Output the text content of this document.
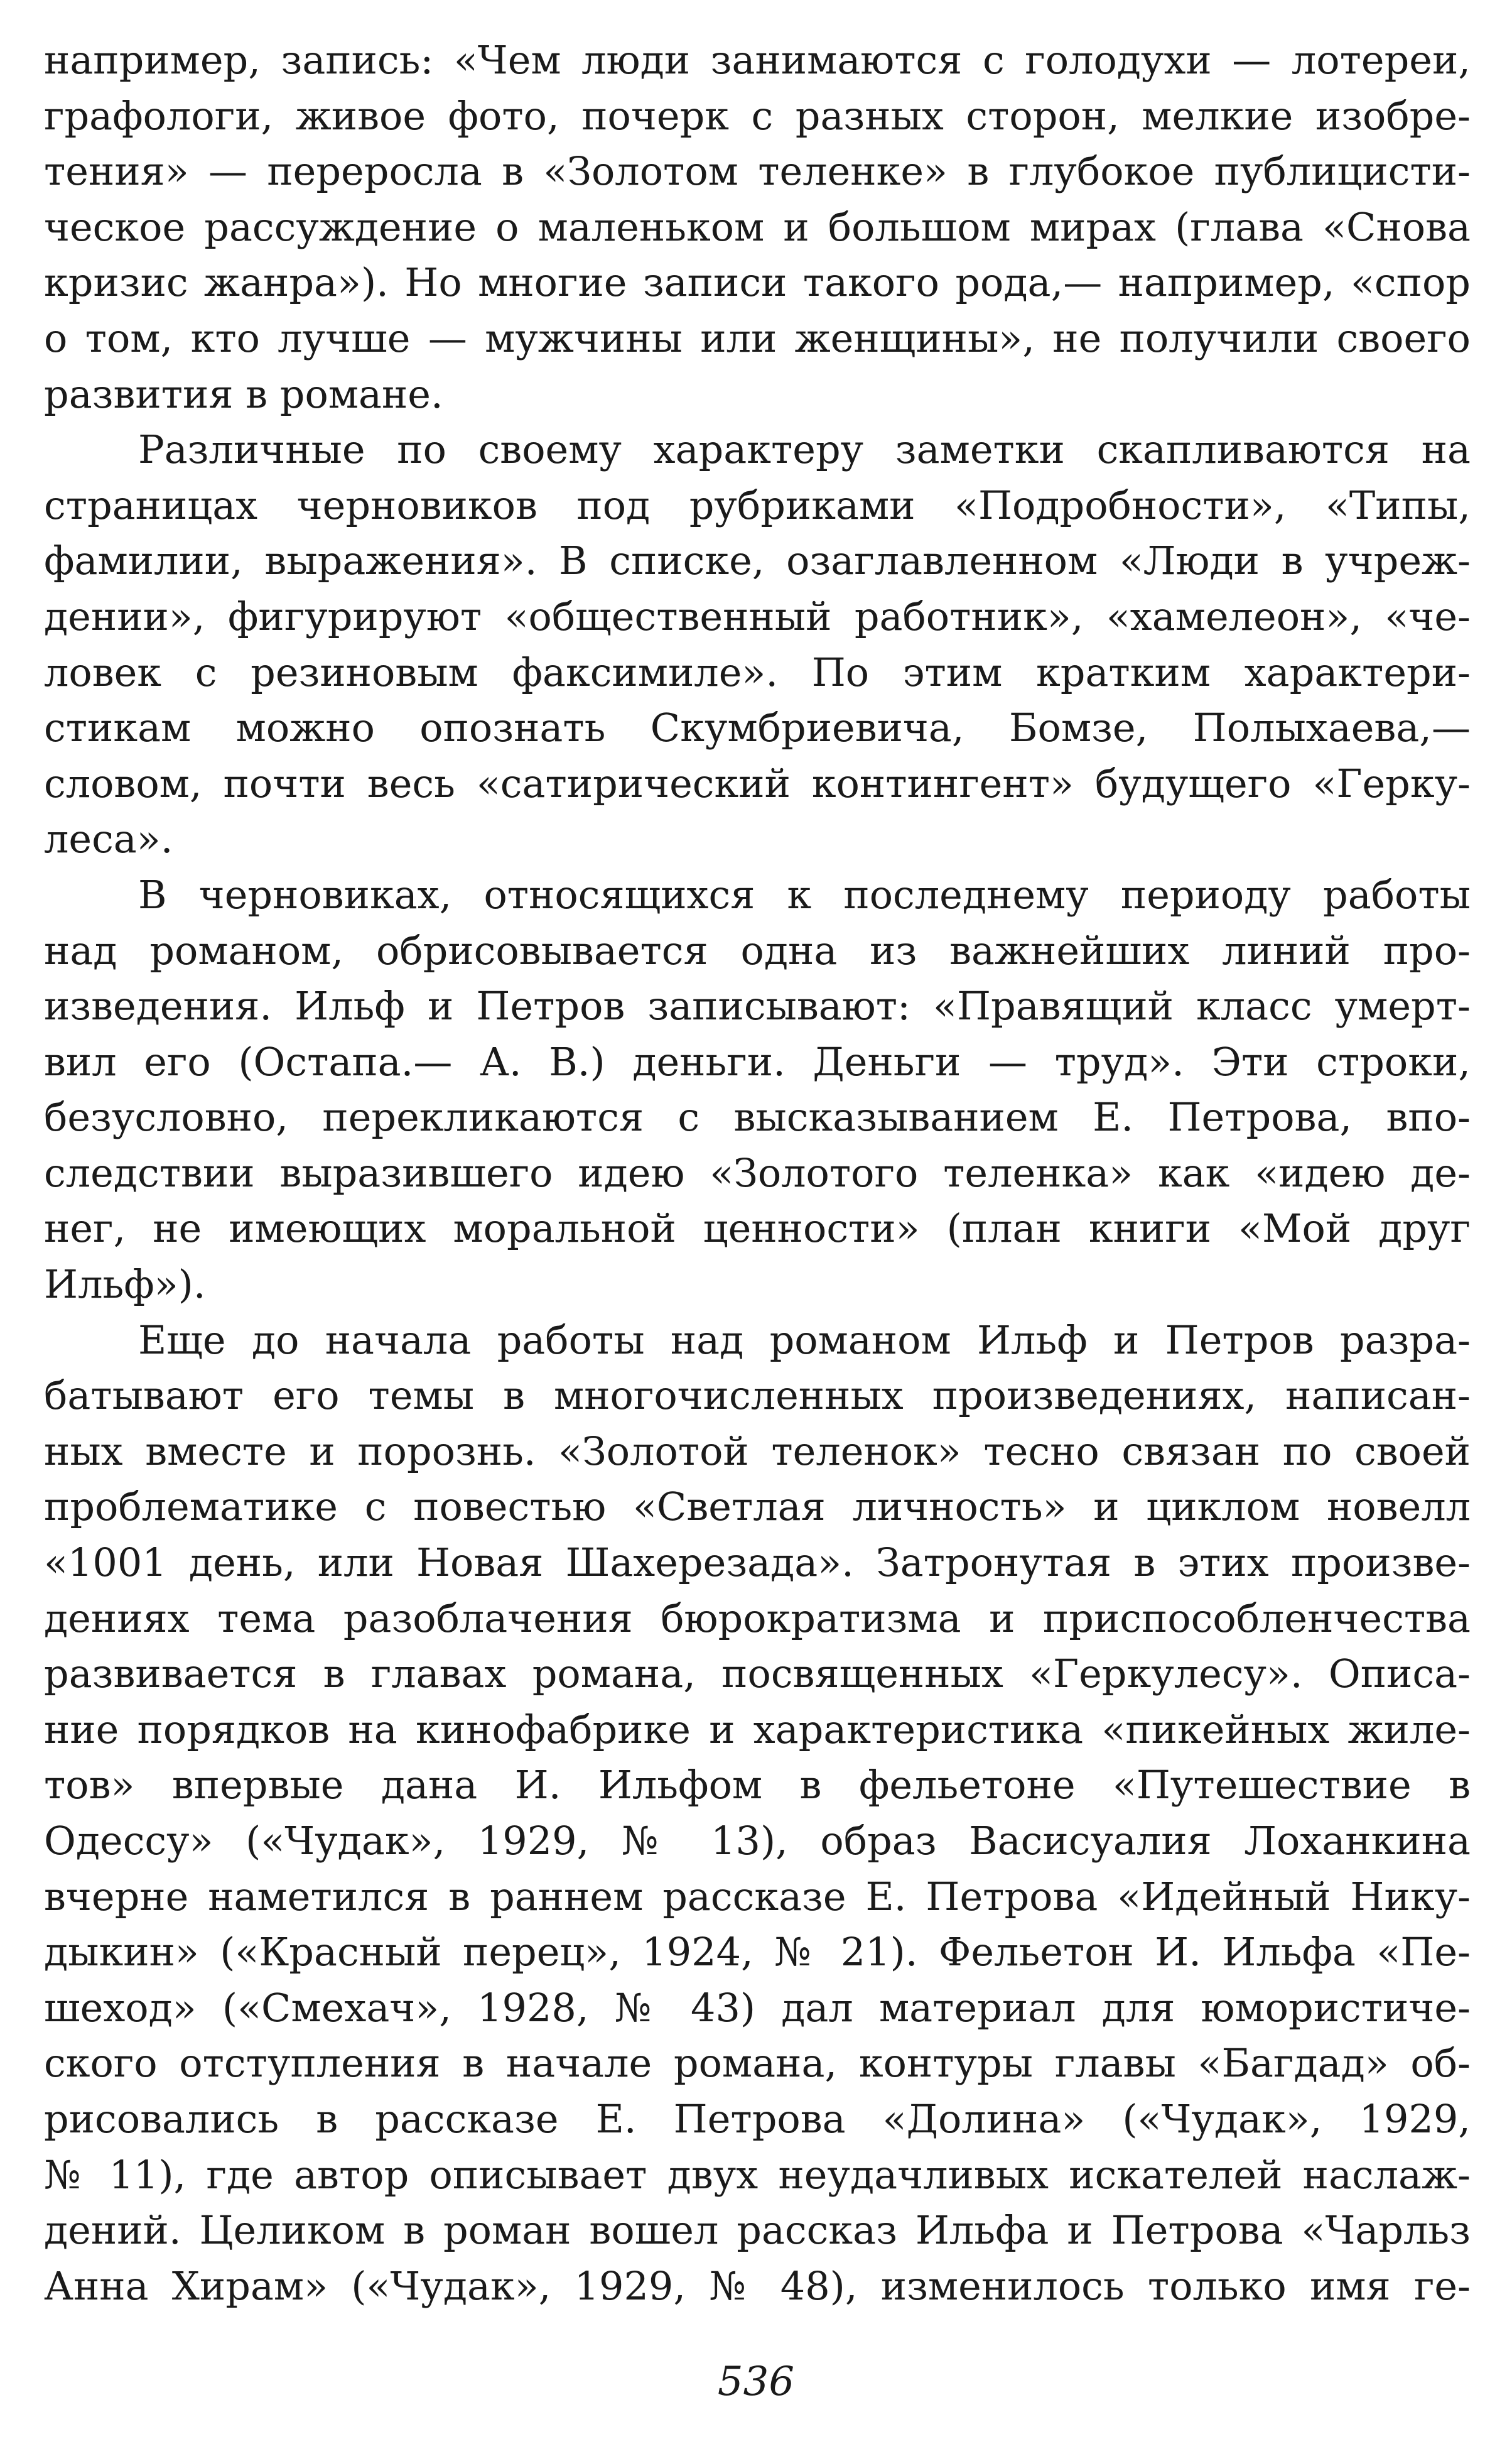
например, запись: «Чем люди занимаются с голодухи — лотереи,
графологи, живое фото, почерк с разных сторон, мелкие изобре-
тения» — переросла в «Золотом теленке» в глубокое публицисти-
ческое рассуждение о маленьком и большом мирах (глава «Снова
кризис жанра»). Но многие записи такого рода,— например, «спор
о том, кто лучше — мужчины или женщины», не получили своего
развития в романе.
Различные по своему характеру заметки скапливаются на
страницах черновиков под рубриками «Подробности», «Типы,
фамилии, выражения». В списке, озаглавленном «Люди в учреж-
дении», фигурируют «общественный работник», «хамелеон», «че-
ловек с резиновым факсимиле». По этим кратким характери-
стикам можно опознать Скумбриевича, Бомзе, Полыхаева,—
словом, почти весь «сатирический контингент» будущего «Герку-
леса».
В черновиках, относящихся к последнему периоду работы
над романом, обрисовывается одна из важнейших линий про-
изведения. Ильф и Петров записывают: «Правящий класс умерт-
вил его (Остапа.— А. В.) деньги. Деньги — труд». Эти строки,
безусловно, перекликаются с высказыванием Е. Петрова, впо-
следствии выразившего идею «Золотого теленка» как «идею де-
нег, не имеющих моральной ценности» (план книги «Мой друг
Ильф»).
Еще до начала работы над романом Ильф и Петров разра-
батывают его темы в многочисленных произведениях, написан-
ных вместе и порознь. «Золотой теленок» тесно связан по своей
проблематике с повестью «Светлая личность» и циклом новелл
«1001 день, или Новая Шахерезада». Затронутая в этих произве-
дениях тема разоблачения бюрократизма и приспособленчества
развивается в главах романа, посвященных «Геркулесу». Описа-
ние порядков на кинофабрике и характеристика «пикейных жиле-
тов» впервые дана И. Ильфом в фельетоне «Путешествие в
Одессу» («Чудак», 1929, № 13), образ Васисуалия Лоханкина
вчерне наметился в раннем рассказе Е. Петрова «Идейный Нику-
дыкин» («Красный перец», 1924, № 21). Фельетон И. Ильфа «Пе-
шеход» («Смехач», 1928, № 43) дал материал для юмористиче-
ского отступления в начале романа, контуры главы «Багдад» об-
рисовались в рассказе Е. Петрова «Долина» («Чудак», 1929,
№ 11), где автор описывает двух неудачливых искателей наслаж-
дений. Целиком в роман вошел рассказ Ильфа и Петрова «Чарльз
Анна Хирам» («Чудак», 1929, № 48), изменилось только имя ге-
536
